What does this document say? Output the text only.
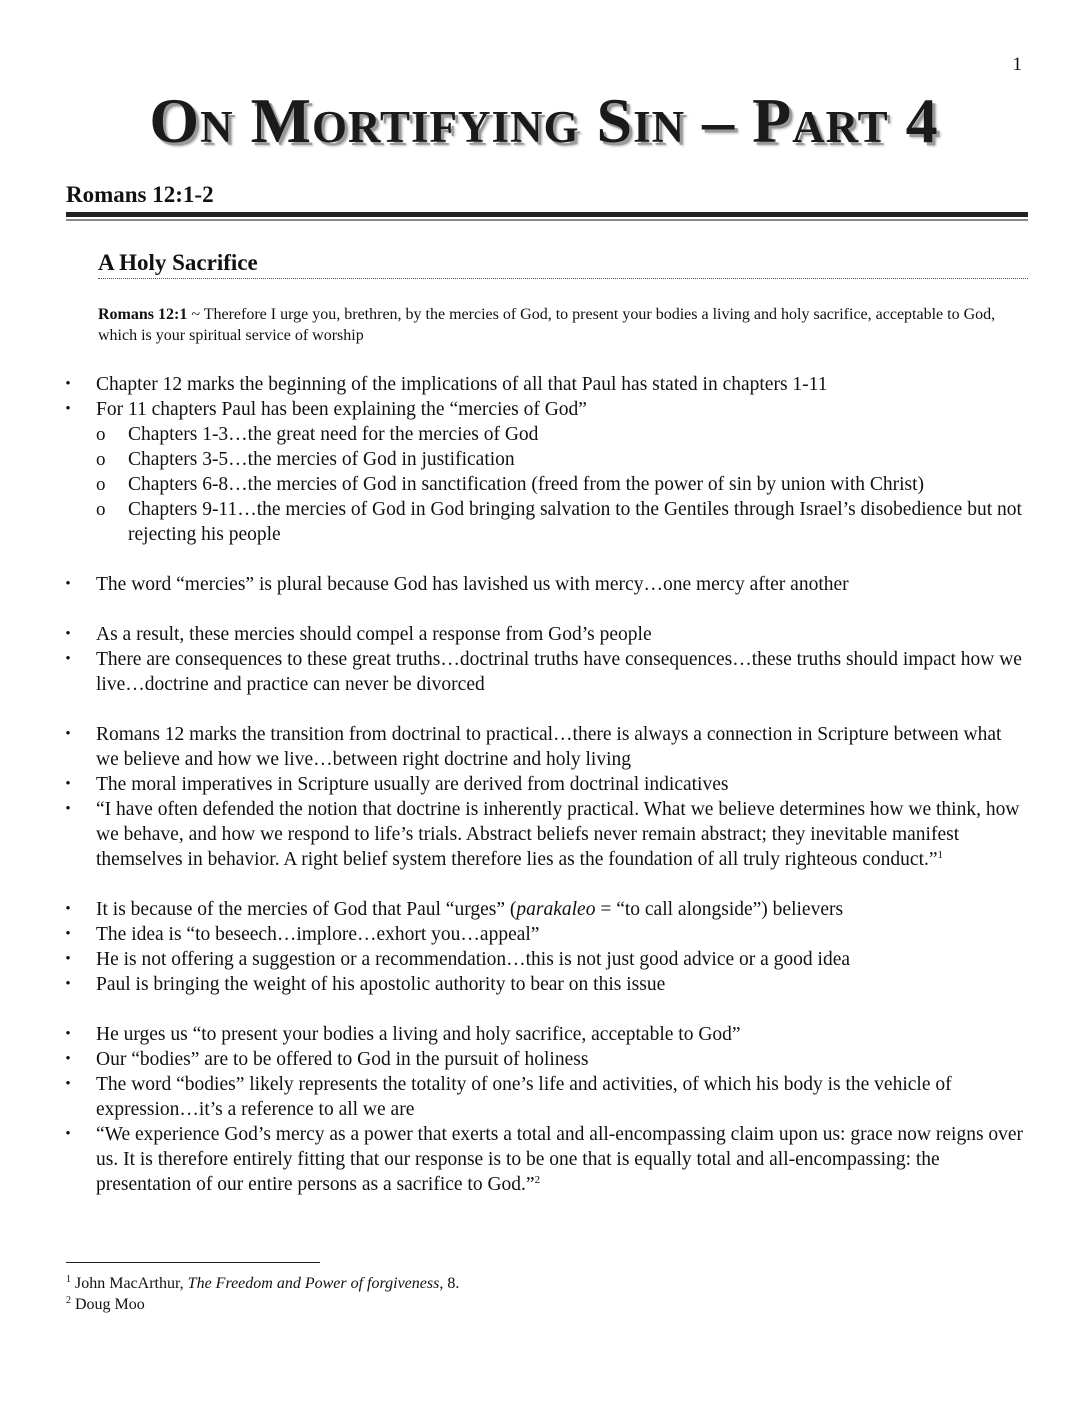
1
On Mortifying Sin – Part 4
Romans 12:1-2
A Holy Sacrifice
Romans 12:1 ~ Therefore I urge you, brethren, by the mercies of God, to present your bodies a living and holy sacrifice, acceptable to God, which is your spiritual service of worship
• Chapter 12 marks the beginning of the implications of all that Paul has stated in chapters 1-11
• For 11 chapters Paul has been explaining the “mercies of God”
o Chapters 1-3…the great need for the mercies of God
o Chapters 3-5…the mercies of God in justification
o Chapters 6-8…the mercies of God in sanctification (freed from the power of sin by union with Christ)
o Chapters 9-11…the mercies of God in God bringing salvation to the Gentiles through Israel’s disobedience but not rejecting his people
• The word “mercies” is plural because God has lavished us with mercy…one mercy after another
• As a result, these mercies should compel a response from God’s people
• There are consequences to these great truths…doctrinal truths have consequences…these truths should impact how we live…doctrine and practice can never be divorced
• Romans 12 marks the transition from doctrinal to practical…there is always a connection in Scripture between what we believe and how we live…between right doctrine and holy living
• The moral imperatives in Scripture usually are derived from doctrinal indicatives
• “I have often defended the notion that doctrine is inherently practical. What we believe determines how we think, how we behave, and how we respond to life’s trials. Abstract beliefs never remain abstract; they inevitable manifest themselves in behavior. A right belief system therefore lies as the foundation of all truly righteous conduct.”$^1$
• It is because of the mercies of God that Paul “urges” (parakaleo = “to call alongside”) believers
• The idea is “to beseech…implore…exhort you…appeal”
• He is not offering a suggestion or a recommendation…this is not just good advice or a good idea
• Paul is bringing the weight of his apostolic authority to bear on this issue
• He urges us “to present your bodies a living and holy sacrifice, acceptable to God”
• Our “bodies” are to be offered to God in the pursuit of holiness
• The word “bodies” likely represents the totality of one’s life and activities, of which his body is the vehicle of expression…it’s a reference to all we are
• “We experience God’s mercy as a power that exerts a total and all-encompassing claim upon us: grace now reigns over us. It is therefore entirely fitting that our response is to be one that is equally total and all-encompassing: the presentation of our entire persons as a sacrifice to God.”$^2$
$^1$ John MacArthur, The Freedom and Power of forgiveness, 8.
$^2$ Doug Moo
